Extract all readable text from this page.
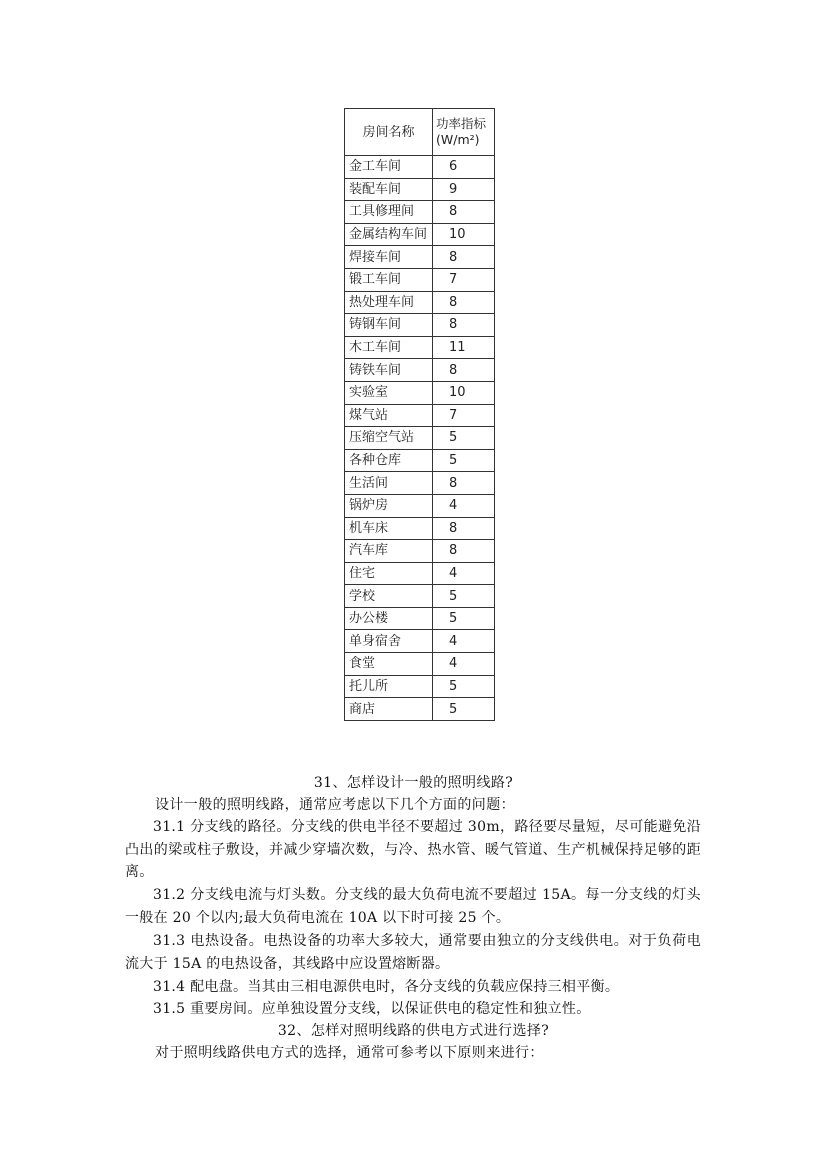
房间名称	功率指标
(W/m²)

金工车间	6
装配车间	9
工具修理间	8
金属结构车间	10
焊接车间	8
锻工车间	7
热处理车间	8
铸钢车间	8
木工车间	11
铸铁车间	8
实验室	10
煤气站	7
压缩空气站	5
各种仓库	5
生活间	8
锅炉房	4
机车床	8
汽车库	8
住宅	4
学校	5
办公楼	5
单身宿舍	4
食堂	4
托儿所	5
商店	5
31、怎样设计一般的照明线路?
设计一般的照明线路，通常应考虑以下几个方面的问题：
31.1 分支线的路径。分支线的供电半径不要超过 30m，路径要尽量短，尽可能避免沿凸出的梁或柱子敷设，并减少穿墙次数，与冷、热水管、暖气管道、生产机械保持足够的距离。
31.2 分支线电流与灯头数。分支线的最大负荷电流不要超过 15A。每一分支线的灯头一般在 20 个以内;最大负荷电流在 10A 以下时可接 25 个。
31.3 电热设备。电热设备的功率大多较大，通常要由独立的分支线供电。对于负荷电流大于 15A 的电热设备，其线路中应设置熔断器。
31.4 配电盘。当其由三相电源供电时，各分支线的负载应保持三相平衡。
31.5 重要房间。应单独设置分支线，以保证供电的稳定性和独立性。
32、怎样对照明线路的供电方式进行选择?
对于照明线路供电方式的选择，通常可参考以下原则来进行：
